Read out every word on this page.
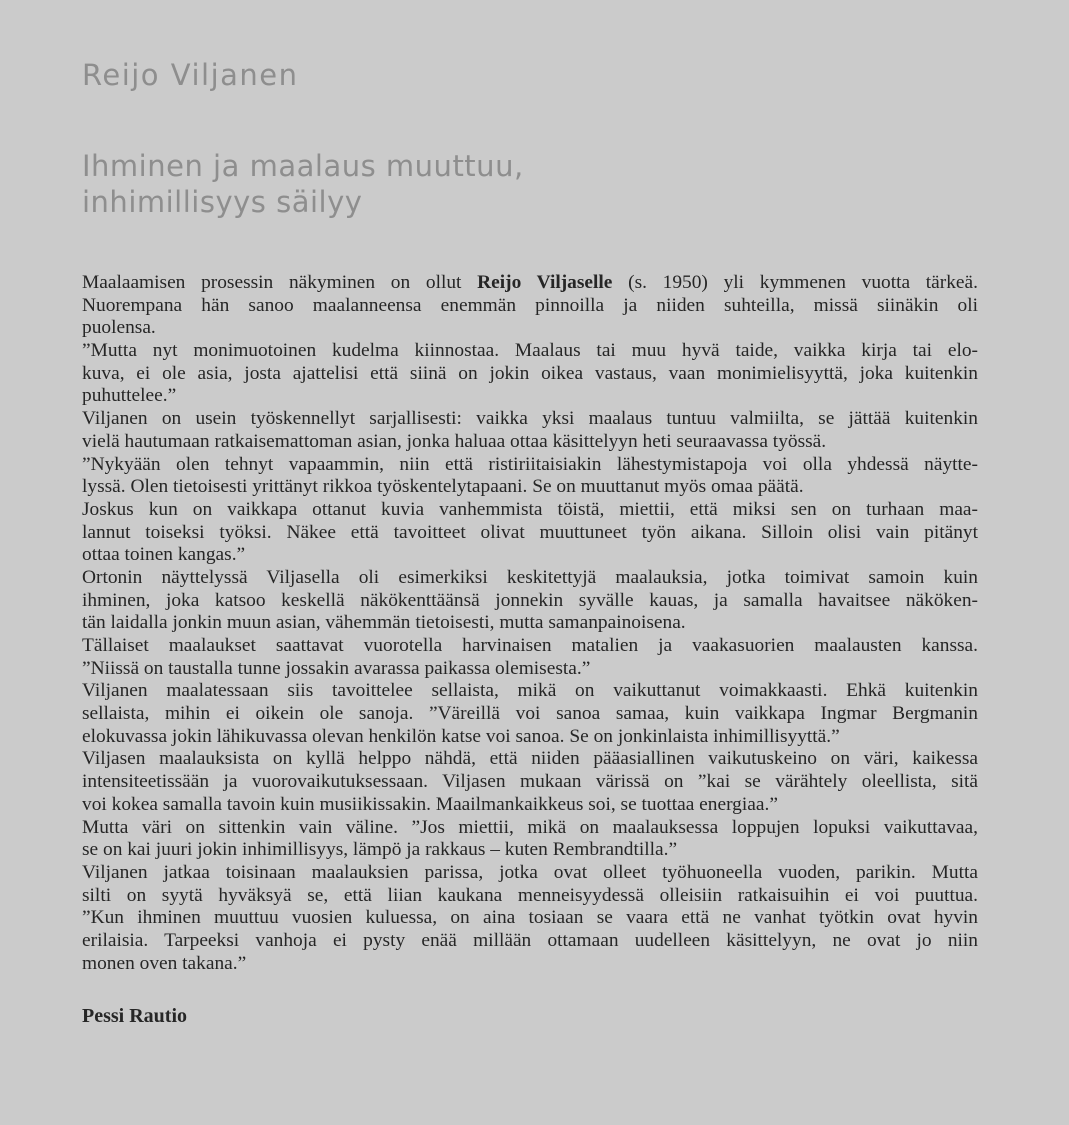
Reijo Viljanen
Ihminen ja maalaus muuttuu,
inhimillisyys säilyy
Maalaamisen prosessin näkyminen on ollut Reijo Viljaselle (s. 1950) yli kymmenen vuotta tärkeä.
Nuorempana hän sanoo maalanneensa enemmän pinnoilla ja niiden suhteilla, missä siinäkin oli
puolensa.
”Mutta nyt monimuotoinen kudelma kiinnostaa. Maalaus tai muu hyvä taide, vaikka kirja tai elo-
kuva, ei ole asia, josta ajattelisi että siinä on jokin oikea vastaus, vaan monimielisyyttä, joka kuitenkin
puhuttelee.”
Viljanen on usein työskennellyt sarjallisesti: vaikka yksi maalaus tuntuu valmiilta, se jättää kuitenkin
vielä hautumaan ratkaisemattoman asian, jonka haluaa ottaa käsittelyyn heti seuraavassa työssä.
”Nykyään olen tehnyt vapaammin, niin että ristiriitaisiakin lähestymistapoja voi olla yhdessä näytte-
lyssä. Olen tietoisesti yrittänyt rikkoa työskentelytapaani. Se on muuttanut myös omaa päätä.
Joskus kun on vaikkapa ottanut kuvia vanhemmista töistä, miettii, että miksi sen on turhaan maa-
lannut toiseksi työksi. Näkee että tavoitteet olivat muuttuneet työn aikana. Silloin olisi vain pitänyt
ottaa toinen kangas.”
Ortonin näyttelyssä Viljasella oli esimerkiksi keskitettyjä maalauksia, jotka toimivat samoin kuin
ihminen, joka katsoo keskellä näkökenttäänsä jonnekin syvälle kauas, ja samalla havaitsee näköken-
tän laidalla jonkin muun asian, vähemmän tietoisesti, mutta samanpainoisena.
Tällaiset maalaukset saattavat vuorotella harvinaisen matalien ja vaakasuorien maalausten kanssa.
”Niissä on taustalla tunne jossakin avarassa paikassa olemisesta.”
Viljanen maalatessaan siis tavoittelee sellaista, mikä on vaikuttanut voimakkaasti. Ehkä kuitenkin
sellaista, mihin ei oikein ole sanoja. ”Väreillä voi sanoa samaa, kuin vaikkapa Ingmar Bergmanin
elokuvassa jokin lähikuvassa olevan henkilön katse voi sanoa. Se on jonkinlaista inhimillisyyttä.”
Viljasen maalauksista on kyllä helppo nähdä, että niiden pääasiallinen vaikutuskeino on väri, kaikessa
intensiteetissään ja vuorovaikutuksessaan. Viljasen mukaan värissä on ”kai se värähtely oleellista, sitä
voi kokea samalla tavoin kuin musiikissakin. Maailmankaikkeus soi, se tuottaa energiaa.”
Mutta väri on sittenkin vain väline. ”Jos miettii, mikä on maalauksessa loppujen lopuksi vaikuttavaa,
se on kai juuri jokin inhimillisyys, lämpö ja rakkaus – kuten Rembrandtilla.”
Viljanen jatkaa toisinaan maalauksien parissa, jotka ovat olleet työhuoneella vuoden, parikin. Mutta
silti on syytä hyväksyä se, että liian kaukana menneisyydessä olleisiin ratkaisuihin ei voi puuttua.
”Kun ihminen muuttuu vuosien kuluessa, on aina tosiaan se vaara että ne vanhat työtkin ovat hyvin
erilaisia. Tarpeeksi vanhoja ei pysty enää millään ottamaan uudelleen käsittelyyn, ne ovat jo niin
monen oven takana.”

Pessi Rautio
